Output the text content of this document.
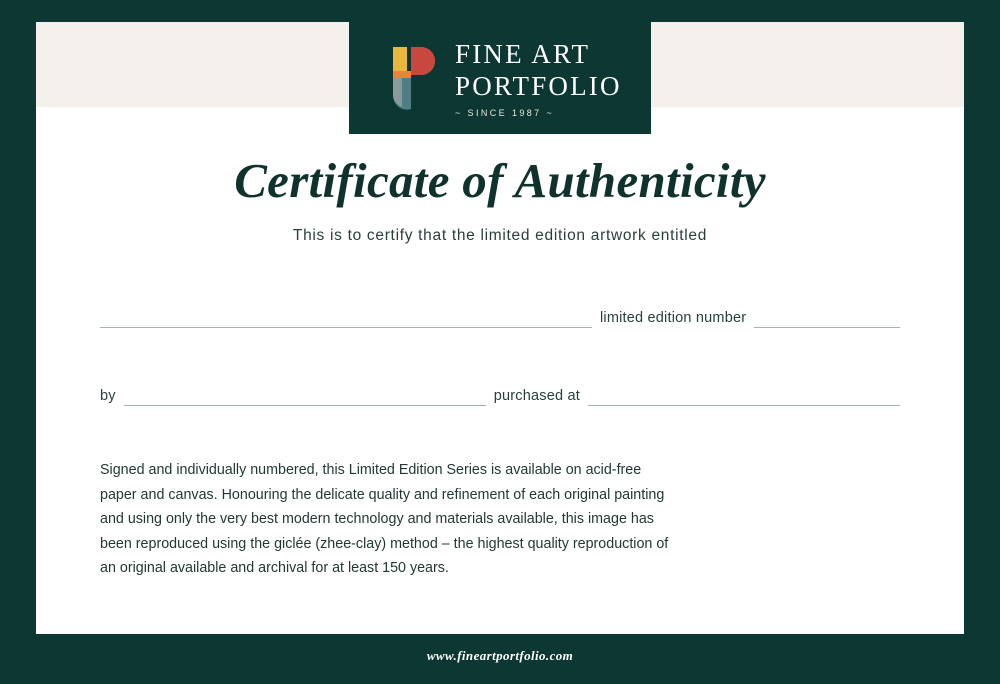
FINE ART
PORTFOLIO
~ SINCE 1987 ~
Certificate of Authenticity
This is to certify that the limited edition artwork entitled
limited edition number
by	purchased at
Signed and individually numbered, this Limited Edition Series is available on acid-free paper and canvas. Honouring the delicate quality and refinement of each original painting and using only the very best modern technology and materials available, this image has been reproduced using the giclée (zhee-clay) method – the highest quality reproduction of an original available and archival for at least 150 years.
www.fineartportfolio.com
